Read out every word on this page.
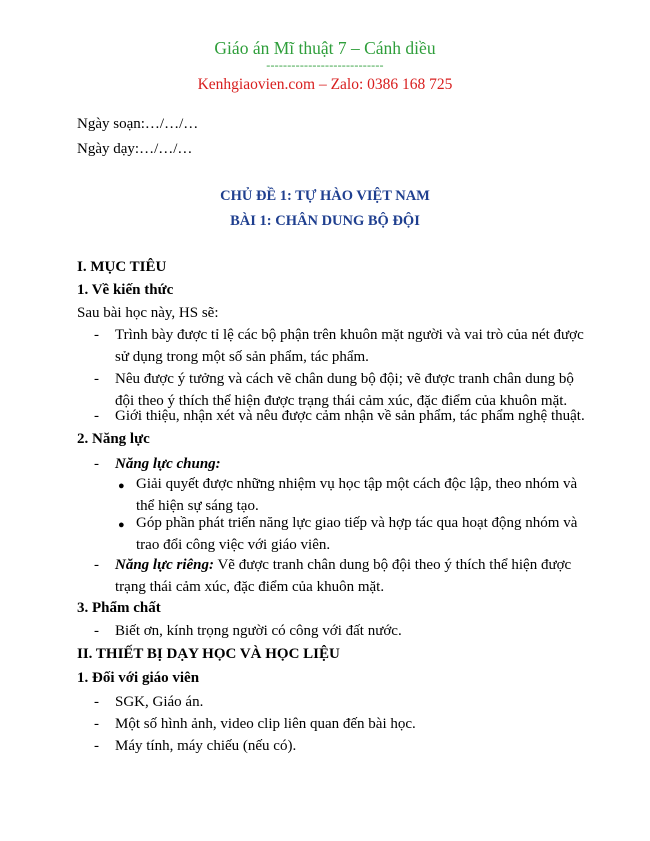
Giáo án Mĩ thuật 7 – Cánh diều
----------------------------
Kenhgiaovien.com – Zalo: 0386 168 725
Ngày soạn:…/…/…
Ngày dạy:…/…/…
CHỦ ĐỀ 1: TỰ HÀO VIỆT NAM
BÀI 1: CHÂN DUNG BỘ ĐỘI
I. MỤC TIÊU
1. Về kiến thức
Sau bài học này, HS sẽ:
- Trình bày được tỉ lệ các bộ phận trên khuôn mặt người và vai trò của nét được
sử dụng trong một số sản phẩm, tác phẩm.
- Nêu được ý tưởng và cách vẽ chân dung bộ đội; vẽ được tranh chân dung bộ
đội theo ý thích thể hiện được trạng thái cảm xúc, đặc điểm của khuôn mặt.
- Giới thiệu, nhận xét và nêu được cảm nhận về sản phẩm, tác phẩm nghệ thuật.
2. Năng lực
- Năng lực chung:
● Giải quyết được những nhiệm vụ học tập một cách độc lập, theo nhóm và
thể hiện sự sáng tạo.
● Góp phần phát triển năng lực giao tiếp và hợp tác qua hoạt động nhóm và
trao đổi công việc với giáo viên.
- Năng lực riêng: Vẽ được tranh chân dung bộ đội theo ý thích thể hiện được
trạng thái cảm xúc, đặc điểm của khuôn mặt.
3. Phẩm chất
- Biết ơn, kính trọng người có công với đất nước.
II. THIẾT BỊ DẠY HỌC VÀ HỌC LIỆU
1. Đối với giáo viên
- SGK, Giáo án.
- Một số hình ảnh, video clip liên quan đến bài học.
- Máy tính, máy chiếu (nếu có).
